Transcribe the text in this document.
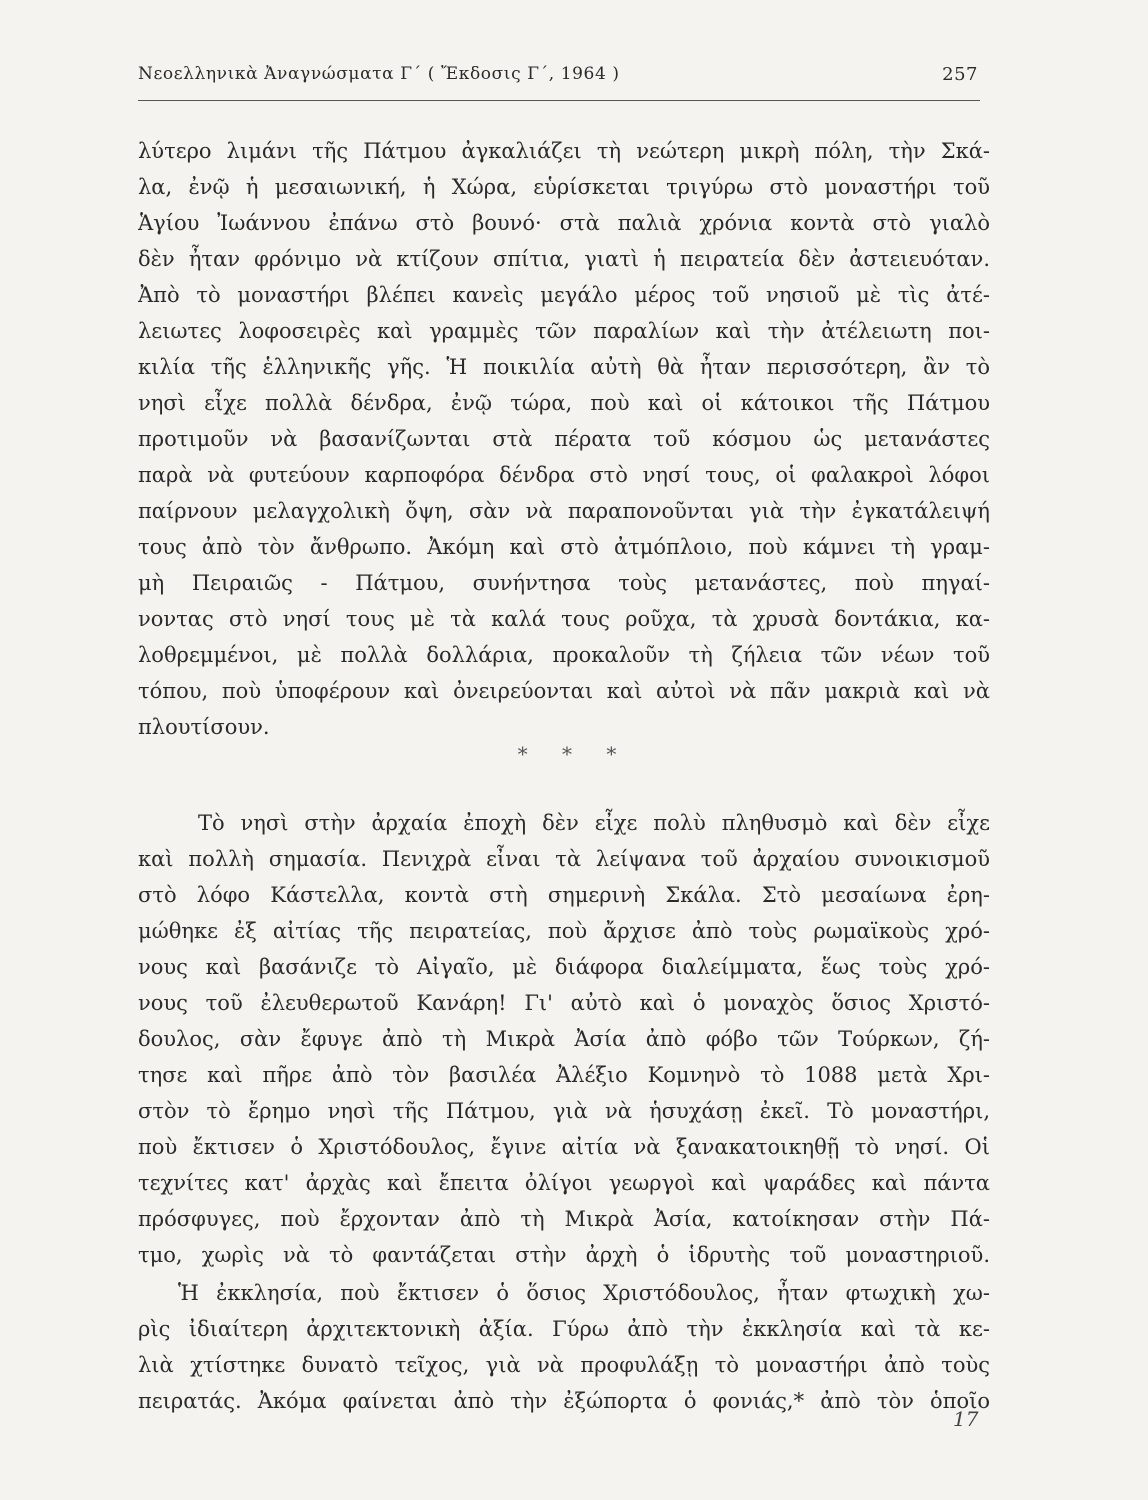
Νεοελληνικὰ Ἀναγνώσματα Γ´ ( Ἔκδοσις Γ´, 1964 )	257
λύτερο λιμάνι τῆς Πάτμου ἀγκαλιάζει τὴ νεώτερη μικρὴ πόλη, τὴν Σκά-
λα, ἐνῷ ἡ μεσαιωνική, ἡ Χώρα, εὑρίσκεται τριγύρω στὸ μοναστήρι τοῦ
Ἁγίου Ἰωάννου ἐπάνω στὸ βουνό· στὰ παλιὰ χρόνια κοντὰ στὸ γιαλὸ
δὲν ἦταν φρόνιμο νὰ κτίζουν σπίτια, γιατὶ ἡ πειρατεία δὲν ἀστειευόταν.
Ἀπὸ τὸ μοναστήρι βλέπει κανεὶς μεγάλο μέρος τοῦ νησιοῦ μὲ τὶς ἀτέ-
λειωτες λοφοσειρὲς καὶ γραμμὲς τῶν παραλίων καὶ τὴν ἀτέλειωτη ποι-
κιλία τῆς ἑλληνικῆς γῆς. Ἡ ποικιλία αὐτὴ θὰ ἦταν περισσότερη, ἂν τὸ
νησὶ εἶχε πολλὰ δένδρα, ἐνῷ τώρα, ποὺ καὶ οἱ κάτοικοι τῆς Πάτμου
προτιμοῦν νὰ βασανίζωνται στὰ πέρατα τοῦ κόσμου ὡς μετανάστες
παρὰ νὰ φυτεύουν καρποφόρα δένδρα στὸ νησί τους, οἱ φαλακροὶ λόφοι
παίρνουν μελαγχολικὴ ὄψη, σὰν νὰ παραπονοῦνται γιὰ τὴν ἐγκατάλειψή
τους ἀπὸ τὸν ἄνθρωπο. Ἀκόμη καὶ στὸ ἀτμόπλοιο, ποὺ κάμνει τὴ γραμ-
μὴ Πειραιῶς - Πάτμου, συνήντησα τοὺς μετανάστες, ποὺ πηγαί-
νοντας στὸ νησί τους μὲ τὰ καλά τους ροῦχα, τὰ χρυσὰ δοντάκια, κα-
λοθρεμμένοι, μὲ πολλὰ δολλάρια, προκαλοῦν τὴ ζήλεια τῶν νέων τοῦ
τόπου, ποὺ ὑποφέρουν καὶ ὀνειρεύονται καὶ αὐτοὶ νὰ πᾶν μακριὰ καὶ νὰ
πλουτίσουν.
* * *
Τὸ νησὶ στὴν ἀρχαία ἐποχὴ δὲν εἶχε πολὺ πληθυσμὸ καὶ δὲν εἶχε
καὶ πολλὴ σημασία. Πενιχρὰ εἶναι τὰ λείψανα τοῦ ἀρχαίου συνοικισμοῦ
στὸ λόφο Κάστελλα, κοντὰ στὴ σημερινὴ Σκάλα. Στὸ μεσαίωνα ἐρη-
μώθηκε ἐξ αἰτίας τῆς πειρατείας, ποὺ ἄρχισε ἀπὸ τοὺς ρωμαϊκοὺς χρό-
νους καὶ βασάνιζε τὸ Αἰγαῖο, μὲ διάφορα διαλείμματα, ἕως τοὺς χρό-
νους τοῦ ἐλευθερωτοῦ Κανάρη! Γι' αὐτὸ καὶ ὁ μοναχὸς ὅσιος Χριστό-
δουλος, σὰν ἔφυγε ἀπὸ τὴ Μικρὰ Ἀσία ἀπὸ φόβο τῶν Τούρκων, ζή-
τησε καὶ πῆρε ἀπὸ τὸν βασιλέα Ἀλέξιο Κομνηνὸ τὸ 1088 μετὰ Χρι-
στὸν τὸ ἔρημο νησὶ τῆς Πάτμου, γιὰ νὰ ἡσυχάσῃ ἐκεῖ. Τὸ μοναστήρι,
ποὺ ἔκτισεν ὁ Χριστόδουλος, ἔγινε αἰτία νὰ ξανακατοικηθῇ τὸ νησί. Οἱ
τεχνίτες κατ' ἀρχὰς καὶ ἔπειτα ὀλίγοι γεωργοὶ καὶ ψαράδες καὶ πάντα
πρόσφυγες, ποὺ ἔρχονταν ἀπὸ τὴ Μικρὰ Ἀσία, κατοίκησαν στὴν Πά-
τμο, χωρὶς νὰ τὸ φαντάζεται στὴν ἀρχὴ ὁ ἱδρυτὴς τοῦ μοναστηριοῦ.
Ἡ ἐκκλησία, ποὺ ἔκτισεν ὁ ὅσιος Χριστόδουλος, ἦταν φτωχικὴ χω-
ρὶς ἰδιαίτερη ἀρχιτεκτονικὴ ἀξία. Γύρω ἀπὸ τὴν ἐκκλησία καὶ τὰ κε-
λιὰ χτίστηκε δυνατὸ τεῖχος, γιὰ νὰ προφυλάξῃ τὸ μοναστήρι ἀπὸ τοὺς
πειρατάς. Ἀκόμα φαίνεται ἀπὸ τὴν ἐξώπορτα ὁ φονιάς,* ἀπὸ τὸν ὁποῖο
17
